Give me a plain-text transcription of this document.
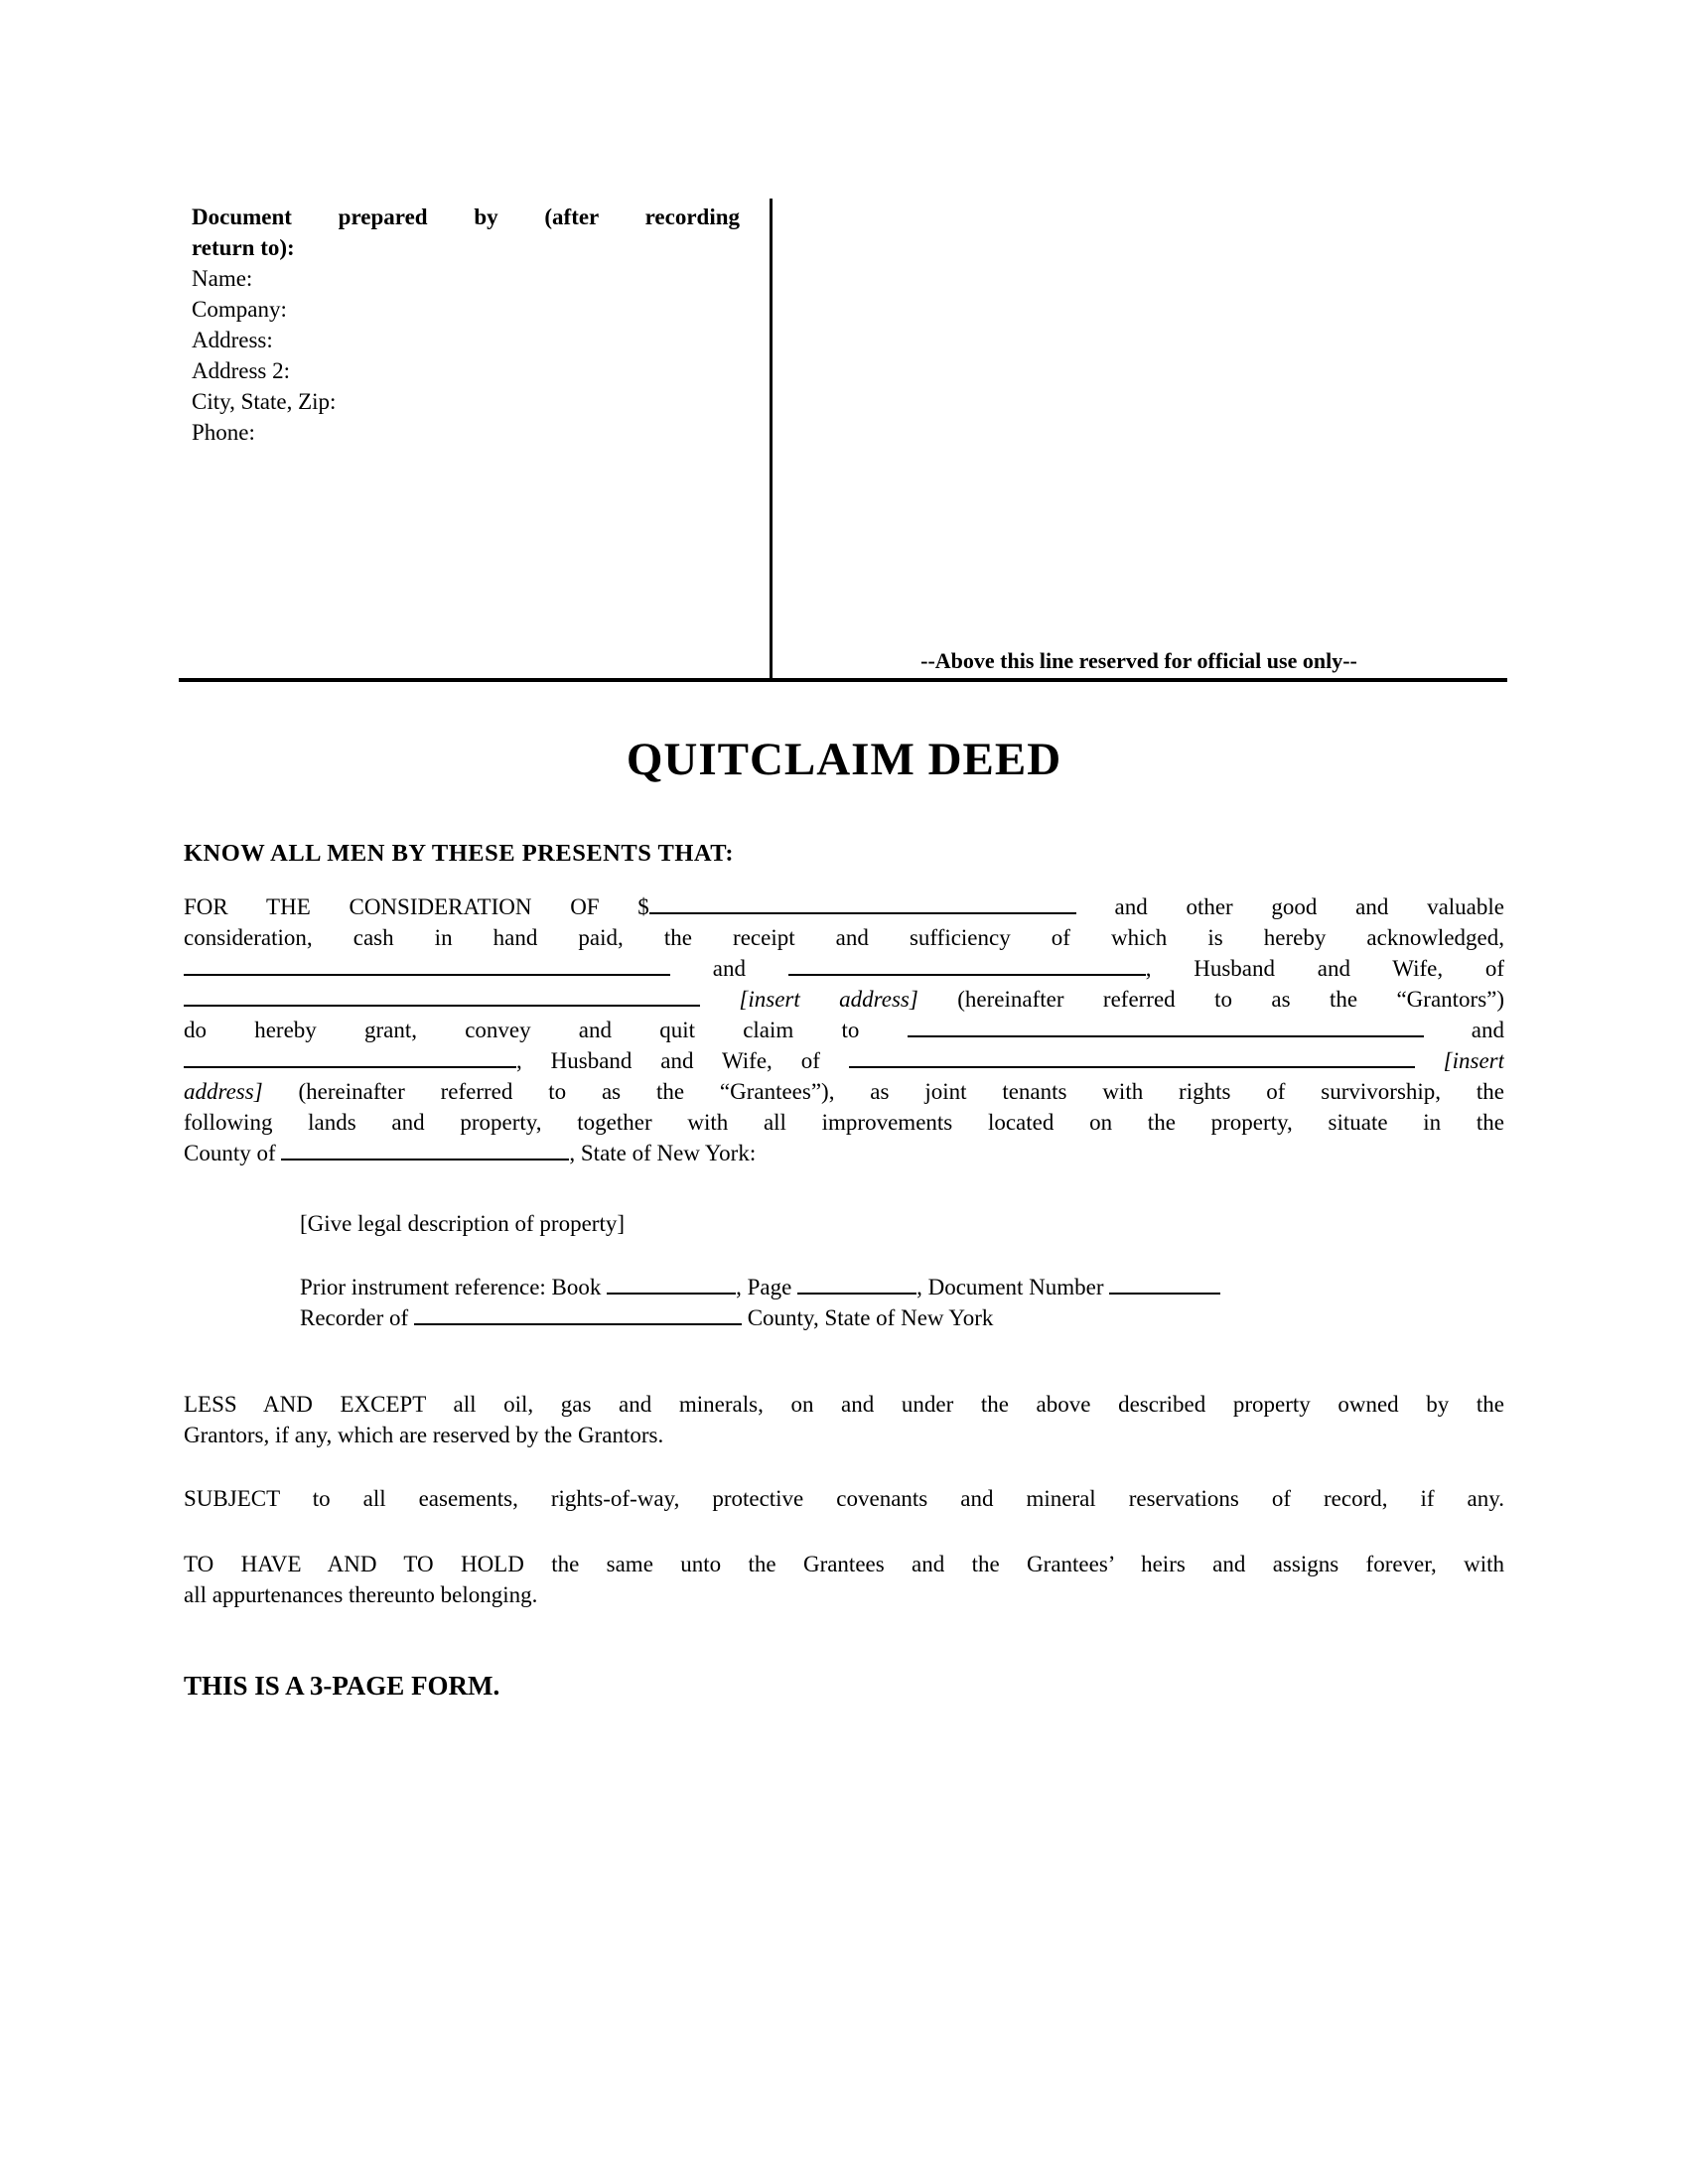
Document prepared by (after recording
return to):
Name:
Company:
Address:
Address 2:
City, State, Zip:
Phone:
--Above this line reserved for official use only--
QUITCLAIM DEED
KNOW ALL MEN BY THESE PRESENTS THAT:
FOR THE CONSIDERATION OF $	and other good and valuable
consideration, cash in hand paid, the receipt and sufficiency of which is hereby acknowledged,
and	, Husband and Wife, of
[insert address] (hereinafter referred to as the “Grantors”)
do hereby grant, convey and quit claim to	and
, Husband and Wife, of	[insert
address] (hereinafter referred to as the “Grantees”), as joint tenants with rights of survivorship, the
following lands and property, together with all improvements located on the property, situate in the
County of	, State of New York:
[Give legal description of property]
Prior instrument reference: Book	, Page	, Document Number
Recorder of	County, State of New York
LESS AND EXCEPT all oil, gas and minerals, on and under the above described property owned by the
Grantors, if any, which are reserved by the Grantors.
SUBJECT to all easements, rights-of-way, protective covenants and mineral reservations of record, if any.
TO HAVE AND TO HOLD the same unto the Grantees and the Grantees’ heirs and assigns forever, with
all appurtenances thereunto belonging.
THIS IS A 3-PAGE FORM.
